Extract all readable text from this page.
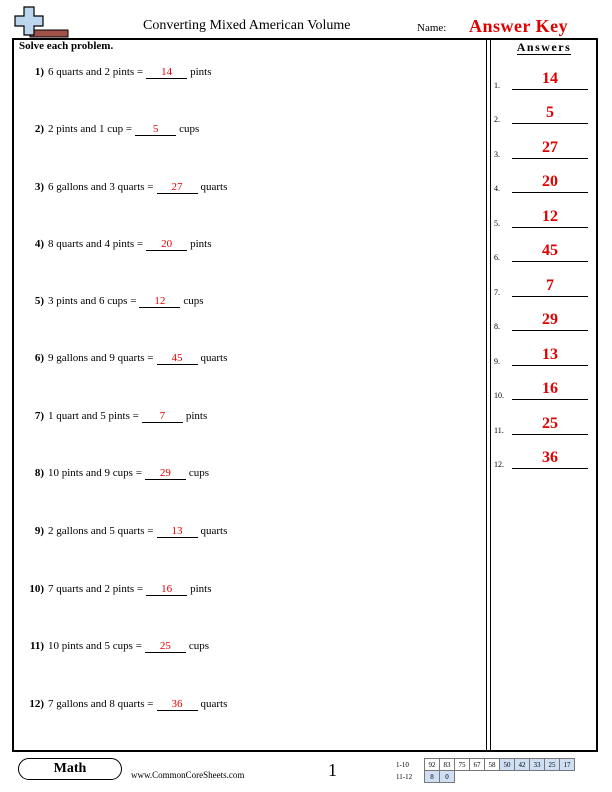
Converting Mixed American Volume	Name: Answer Key
Solve each problem.
1) 6 quarts and 2 pints = 14 pints
2) 2 pints and 1 cup = 5 cups
3) 6 gallons and 3 quarts = 27 quarts
4) 8 quarts and 4 pints = 20 pints
5) 3 pints and 6 cups = 12 cups
6) 9 gallons and 9 quarts = 45 quarts
7) 1 quart and 5 pints = 7 pints
8) 10 pints and 9 cups = 29 cups
9) 2 gallons and 5 quarts = 13 quarts
10) 7 quarts and 2 pints = 16 pints
11) 10 pints and 5 cups = 25 cups
12) 7 gallons and 8 quarts = 36 quarts
Answers
1.	14
2.	5
3.	27
4.	20
5.	12
6.	45
7.	7
8.	29
9.	13
10.	16
11.	25
12.	36
Math	www.CommonCoreSheets.com	1	1-10	92	83	75	67	58	50	42	33	25	17
11-12	8	0								
